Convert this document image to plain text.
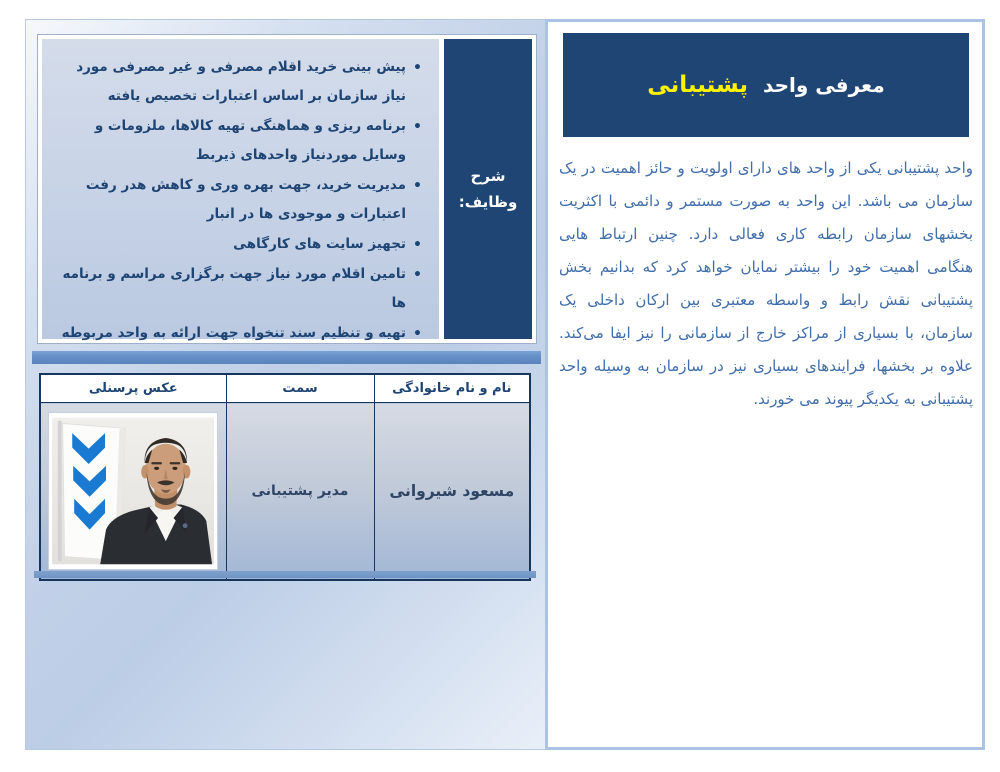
شرح
وظایف:
• پیش بینی خرید اقلام مصرفی و غیر مصرفی مورد نیاز سازمان بر اساس اعتبارات تخصیص یافته
• برنامه ریزی و هماهنگی تهیه کالاها، ملزومات و وسایل موردنیاز واحدهای ذیربط
• مدیریت خرید، جهت بهره وری و کاهش هدر رفت اعتبارات و موجودی ها در انبار
• تجهیز سایت های کارگاهی
• تامین اقلام مورد نیاز جهت برگزاری مراسم و برنامه ها
• تهیه و تنظیم سند تنخواه جهت ارائه به واحد مربوطه
نام و نام خانوادگی	سمت	عکس پرسنلی
مسعود شیروانی	مدیر پشتیبانی	
معرفی واحد
پشتیبانی

واحد پشتیبانی یکی از واحد های دارای اولویت و حائز اهمیت در یک سازمان می باشد. این واحد به صورت مستمر و دائمی با اکثریت بخشهای سازمان رابطه کاری فعالی دارد. چنین ارتباط هایی هنگامی اهمیت خود را بیشتر نمایان خواهد کرد که بدانیم بخش پشتیبانی نقش رابط و واسطه معتبری بین ارکان داخلی یک سازمان، با بسیاری از مراکز خارج از سازمانی را نیز ایفا می‌کند. علاوه بر بخشها، فرایندهای بسیاری نیز در سازمان به وسیله واحد پشتیبانی به یکدیگر پیوند می خورند.
